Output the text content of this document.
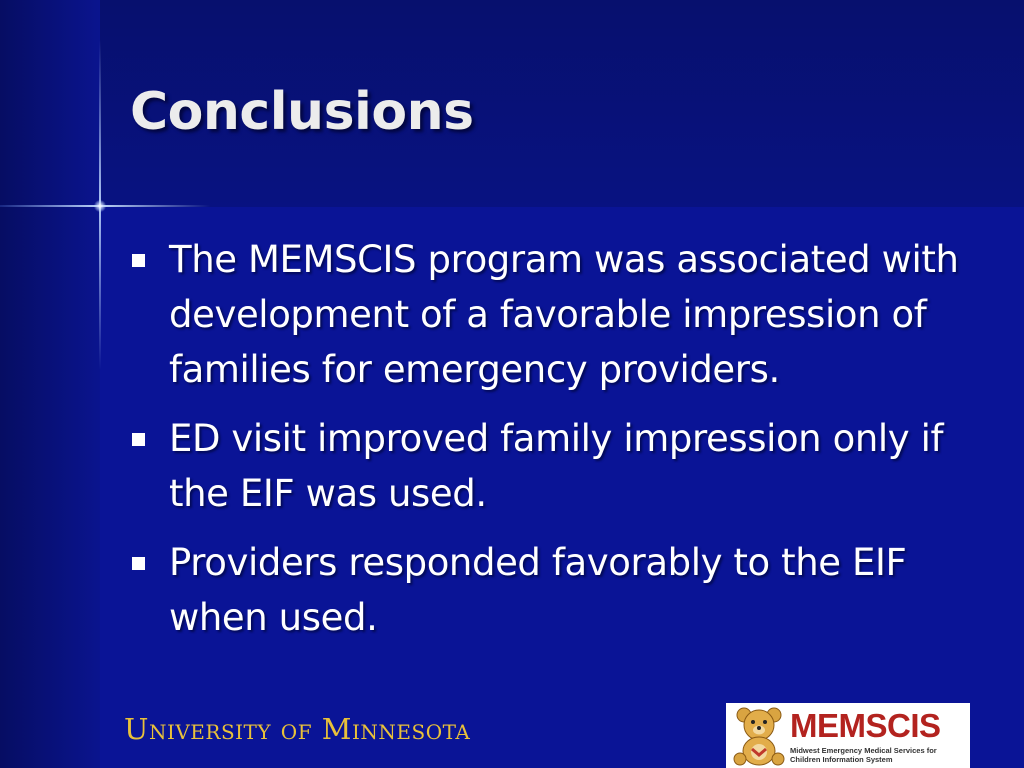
Conclusions
The MEMSCIS program was associated with development of a favorable impression of families for emergency providers.
ED visit improved family impression only if the EIF was used.
Providers responded favorably to the EIF when used.

University of Minnesota	MEMSCIS

Midwest Emergency Medical Services for Children Information System
